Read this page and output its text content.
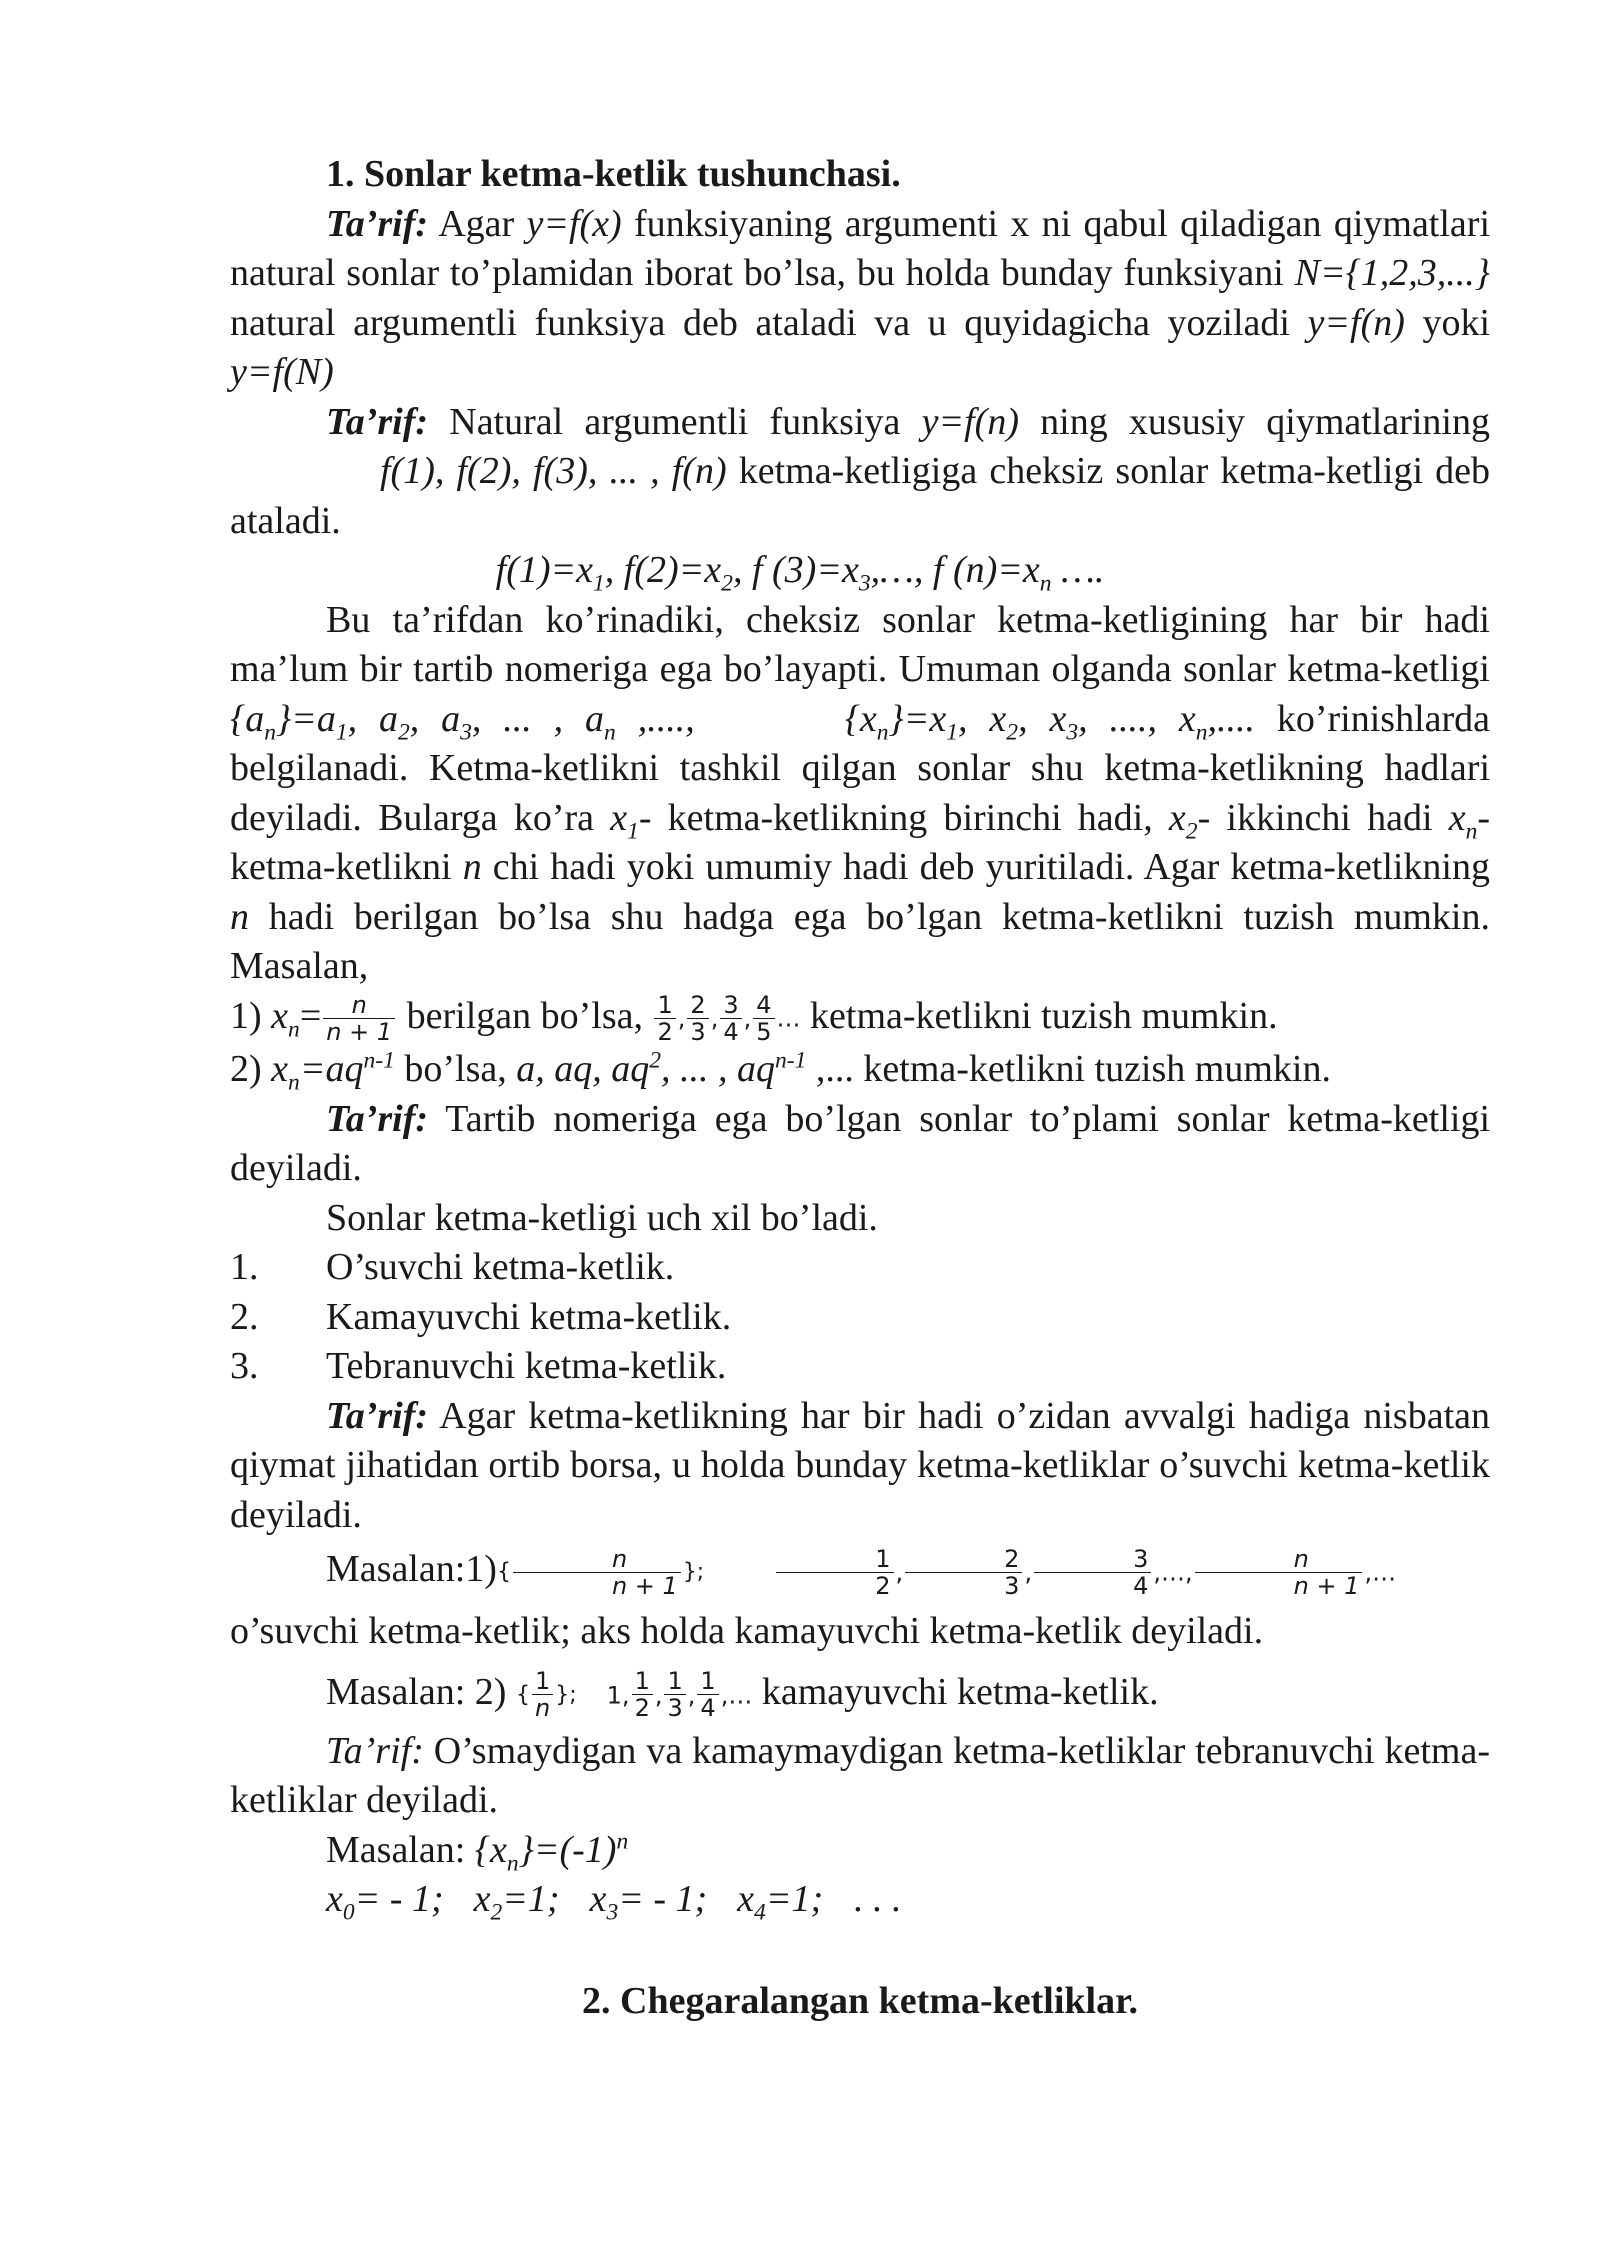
1. Sonlar ketma-ketlik tushunchasi.

Ta’rif: Agar y=f(x) funksiyaning argumenti x ni qabul qiladigan qiymatlari natural sonlar to’plamidan iborat bo’lsa, bu holda bunday funksiyani N={1,2,3,...} natural argumentli funksiya deb ataladi va u quyidagicha yoziladi y=f(n) yoki y=f(N)

Ta’rif: Natural argumentli funksiya y=f(n) ning xususiy qiymatlariningf(1), f(2), f(3), ... , f(n) ketma-ketligiga cheksiz sonlar ketma-ketligi deb ataladi.

$f(1)=x_1$, $f(2)=x_2$, f $(3)=x_3,\dots$, f $(n)=x_n$ ….

Bu ta’rifdan ko’rinadiki, cheksiz sonlar ketma-ketligining har bir hadi ma’lum bir tartib nomeriga ega bo’layapti. Umuman olganda sonlar ketma-ketligi $\{a_n\}=a_1$, $a_2$, $a_3$, ... , $a_n$ ,....,	$\{x_n\}=x_1$, $x_2$, $x_3$, ...., $x_n$,.... ko’rinishlarda belgilanadi. Ketma-ketlikni tashkil qilgan sonlar shu ketma-ketlikning hadlari deyiladi. Bularga ko’ra $x_1-$ ketma-ketlikning birinchi hadi, $x_2-$ ikkinchi hadi $x_n-$ ketma-ketlikni n chi hadi yoki umumiy hadi deb yuritiladi. Agar ketma-ketlikning n hadi berilgan bo’lsa shu hadga ega bo’lgan ketma-ketlikni tuzish mumkin. Masalan,

1) $x_n= \frac{n}{n + 1}$ berilgan bo’lsa, $\frac{1}{2}$ , $\frac{2}{3}$ , $\frac{3}{4}$ , $\frac{4}{5}$ … ketma-ketlikni tuzish mumkin.

2) $x_n=aq^{n-1}$ bo’lsa, a, aq, $aq^2$, ... , $aq^{n-1}$ ,... ketma-ketlikni tuzish mumkin.

Ta’rif: Tartib nomeriga ega bo’lgan sonlar to’plami sonlar ketma-ketligi deyiladi.

Sonlar ketma-ketligi uch xil bo’ladi.

1.	O’suvchi ketma-ketlik.

2.	Kamayuvchi ketma-ketlik.

3.	Tebranuvchi ketma-ketlik.

Ta’rif: Agar ketma-ketlikning har bir hadi o’zidan avvalgi hadiga nisbatan qiymat jihatidan ortib borsa, u holda bunday ketma-ketliklar o’suvchi ketma-ketlik deyiladi.

Masalan:1){ $\frac{n}{n + 1}$ };	$\frac{1}{2}$ , $\frac{2}{3}$ , $\frac{3}{4}$ ,…, $\frac{n}{n + 1}$ ,… o’suvchi ketma-ketlik; aks holda kamayuvchi ketma-ketlik deyiladi.

Masalan: 2) { $\frac{1}{n}$ }; 1, $\frac{1}{2}$ , $\frac{1}{3}$ , $\frac{1}{4}$ ,… kamayuvchi ketma-ketlik.

Ta’rif: O’smaydigan va kamaymaydigan ketma-ketliklar tebranuvchi ketma-ketliklar deyiladi.

Masalan: $\{x_n\}=(-1)^n$

$x_0= - 1$; $x_2=1$; $x_3= - 1$; $x_4=1$; . . .

2. Chegaralangan ketma-ketliklar.
